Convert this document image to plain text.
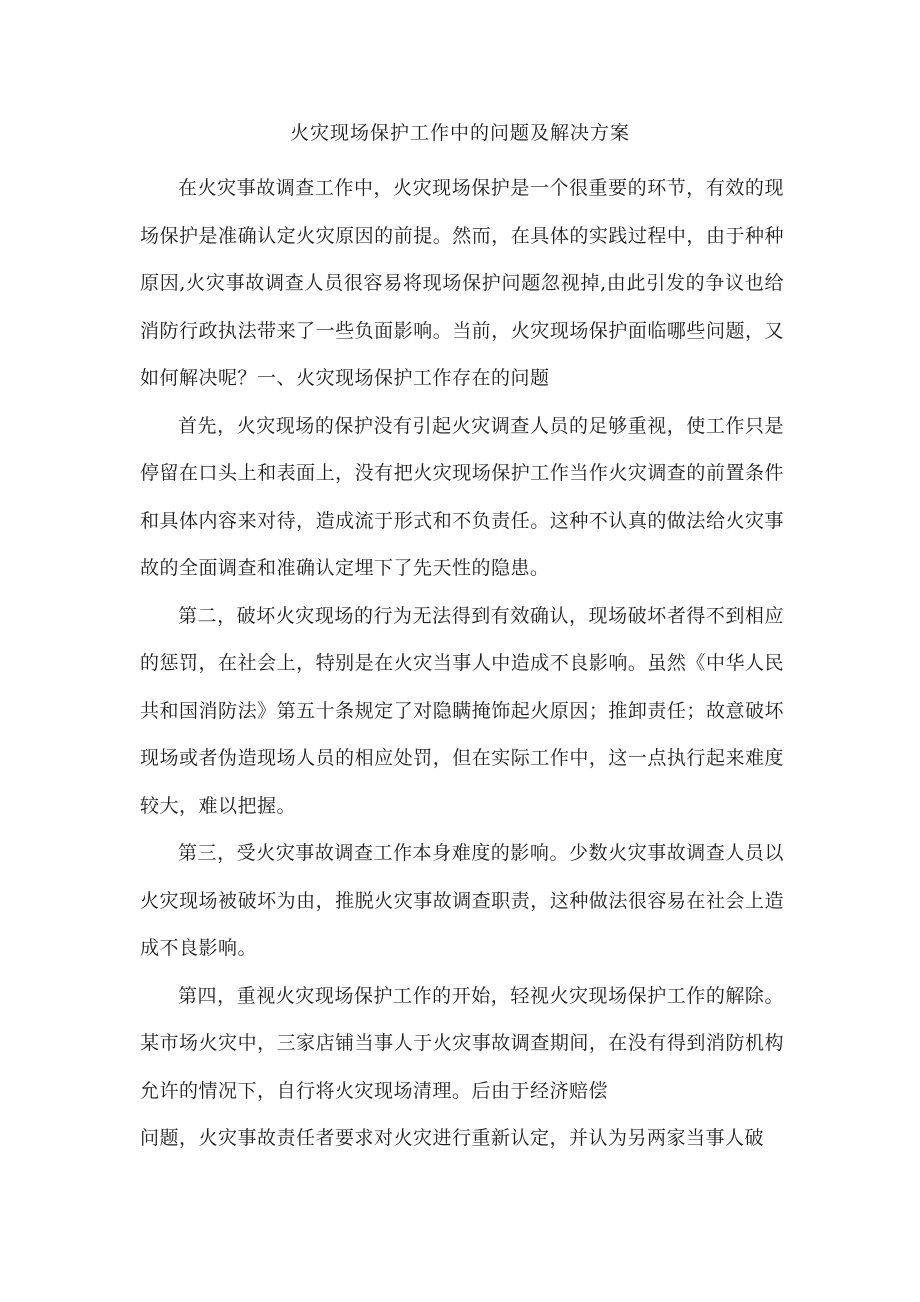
火灾现场保护工作中的问题及解决方案

在火灾事故调查工作中，火灾现场保护是一个很重要的环节，有效的现场保护是准确认定火灾原因的前提。然而，在具体的实践过程中，由于种种原因,火灾事故调查人员很容易将现场保护问题忽视掉,由此引发的争议也给消防行政执法带来了一些负面影响。当前，火灾现场保护面临哪些问题，又如何解决呢？一、火灾现场保护工作存在的问题

首先，火灾现场的保护没有引起火灾调查人员的足够重视，使工作只是停留在口头上和表面上，没有把火灾现场保护工作当作火灾调查的前置条件和具体内容来对待，造成流于形式和不负责任。这种不认真的做法给火灾事故的全面调查和准确认定埋下了先天性的隐患。

第二，破坏火灾现场的行为无法得到有效确认，现场破坏者得不到相应的惩罚，在社会上，特别是在火灾当事人中造成不良影响。虽然《中华人民共和国消防法》第五十条规定了对隐瞒掩饰起火原因；推卸责任；故意破坏现场或者伪造现场人员的相应处罚，但在实际工作中，这一点执行起来难度较大，难以把握。

第三，受火灾事故调查工作本身难度的影响。少数火灾事故调查人员以火灾现场被破坏为由，推脱火灾事故调查职责，这种做法很容易在社会上造成不良影响。

第四，重视火灾现场保护工作的开始，轻视火灾现场保护工作的解除。某市场火灾中，三家店铺当事人于火灾事故调查期间，在没有得到消防机构允许的情况下，自行将火灾现场清理。后由于经济赔偿

问题，火灾事故责任者要求对火灾进行重新认定，并认为另两家当事人破
